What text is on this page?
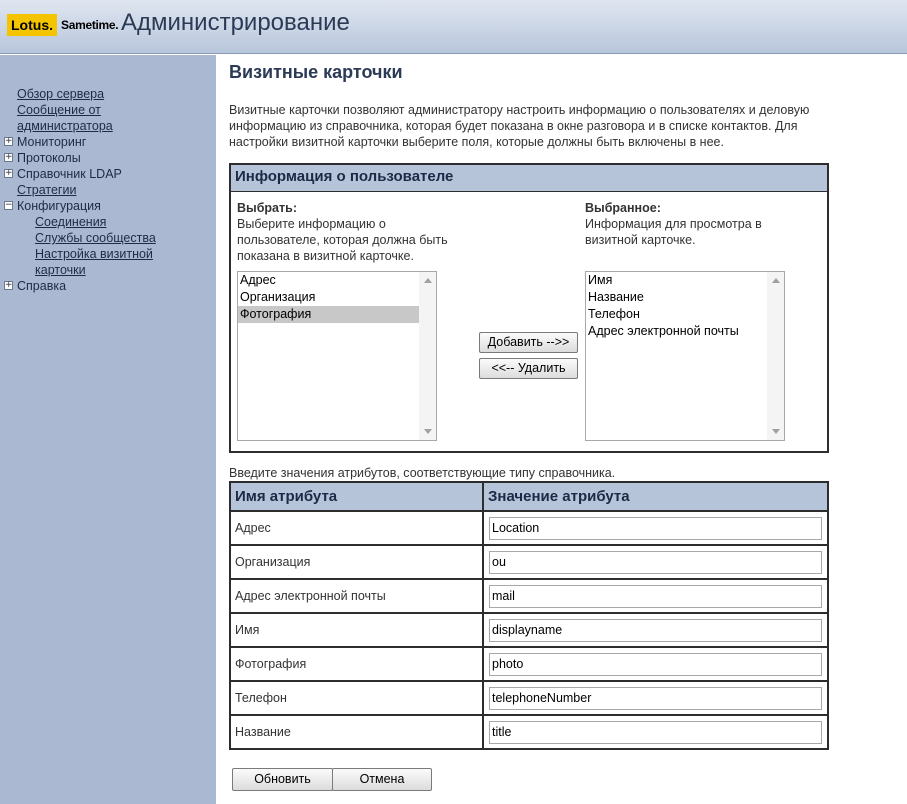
Lotus. Sametime. Администрирование
Обзор сервера
Сообщение от
администратора
+ Мониторинг
+ Протоколы
+ Справочник LDAP
Стратегии
− Конфигурация
Соединения
Службы сообщества
Настройка визитной
карточки
+ Справка
Визитные карточки
Визитные карточки позволяют администратору настроить информацию о пользователях и деловую информацию из справочника, которая будет показана в окне разговора и в списке контактов. Для настройки визитной карточки выберите поля, которые должны быть включены в нее.
Информация о пользователе
Выбрать:
Выберите информацию о пользователе, которая должна быть показана в визитной карточке.
Адрес
Организация
Фотография
Выбранное:
Информация для просмотра в визитной карточке.
Имя
Название
Телефон
Адрес электронной почты
Добавить -->>
<<-- Удалить
Введите значения атрибутов, соответствующие типу справочника.
Имя атрибута	Значение атрибута
Адрес	Location
Организация	ou
Адрес электронной почты	mail
Имя	displayname
Фотография	photo
Телефон	telephoneNumber
Название	title
Обновить	Отмена
